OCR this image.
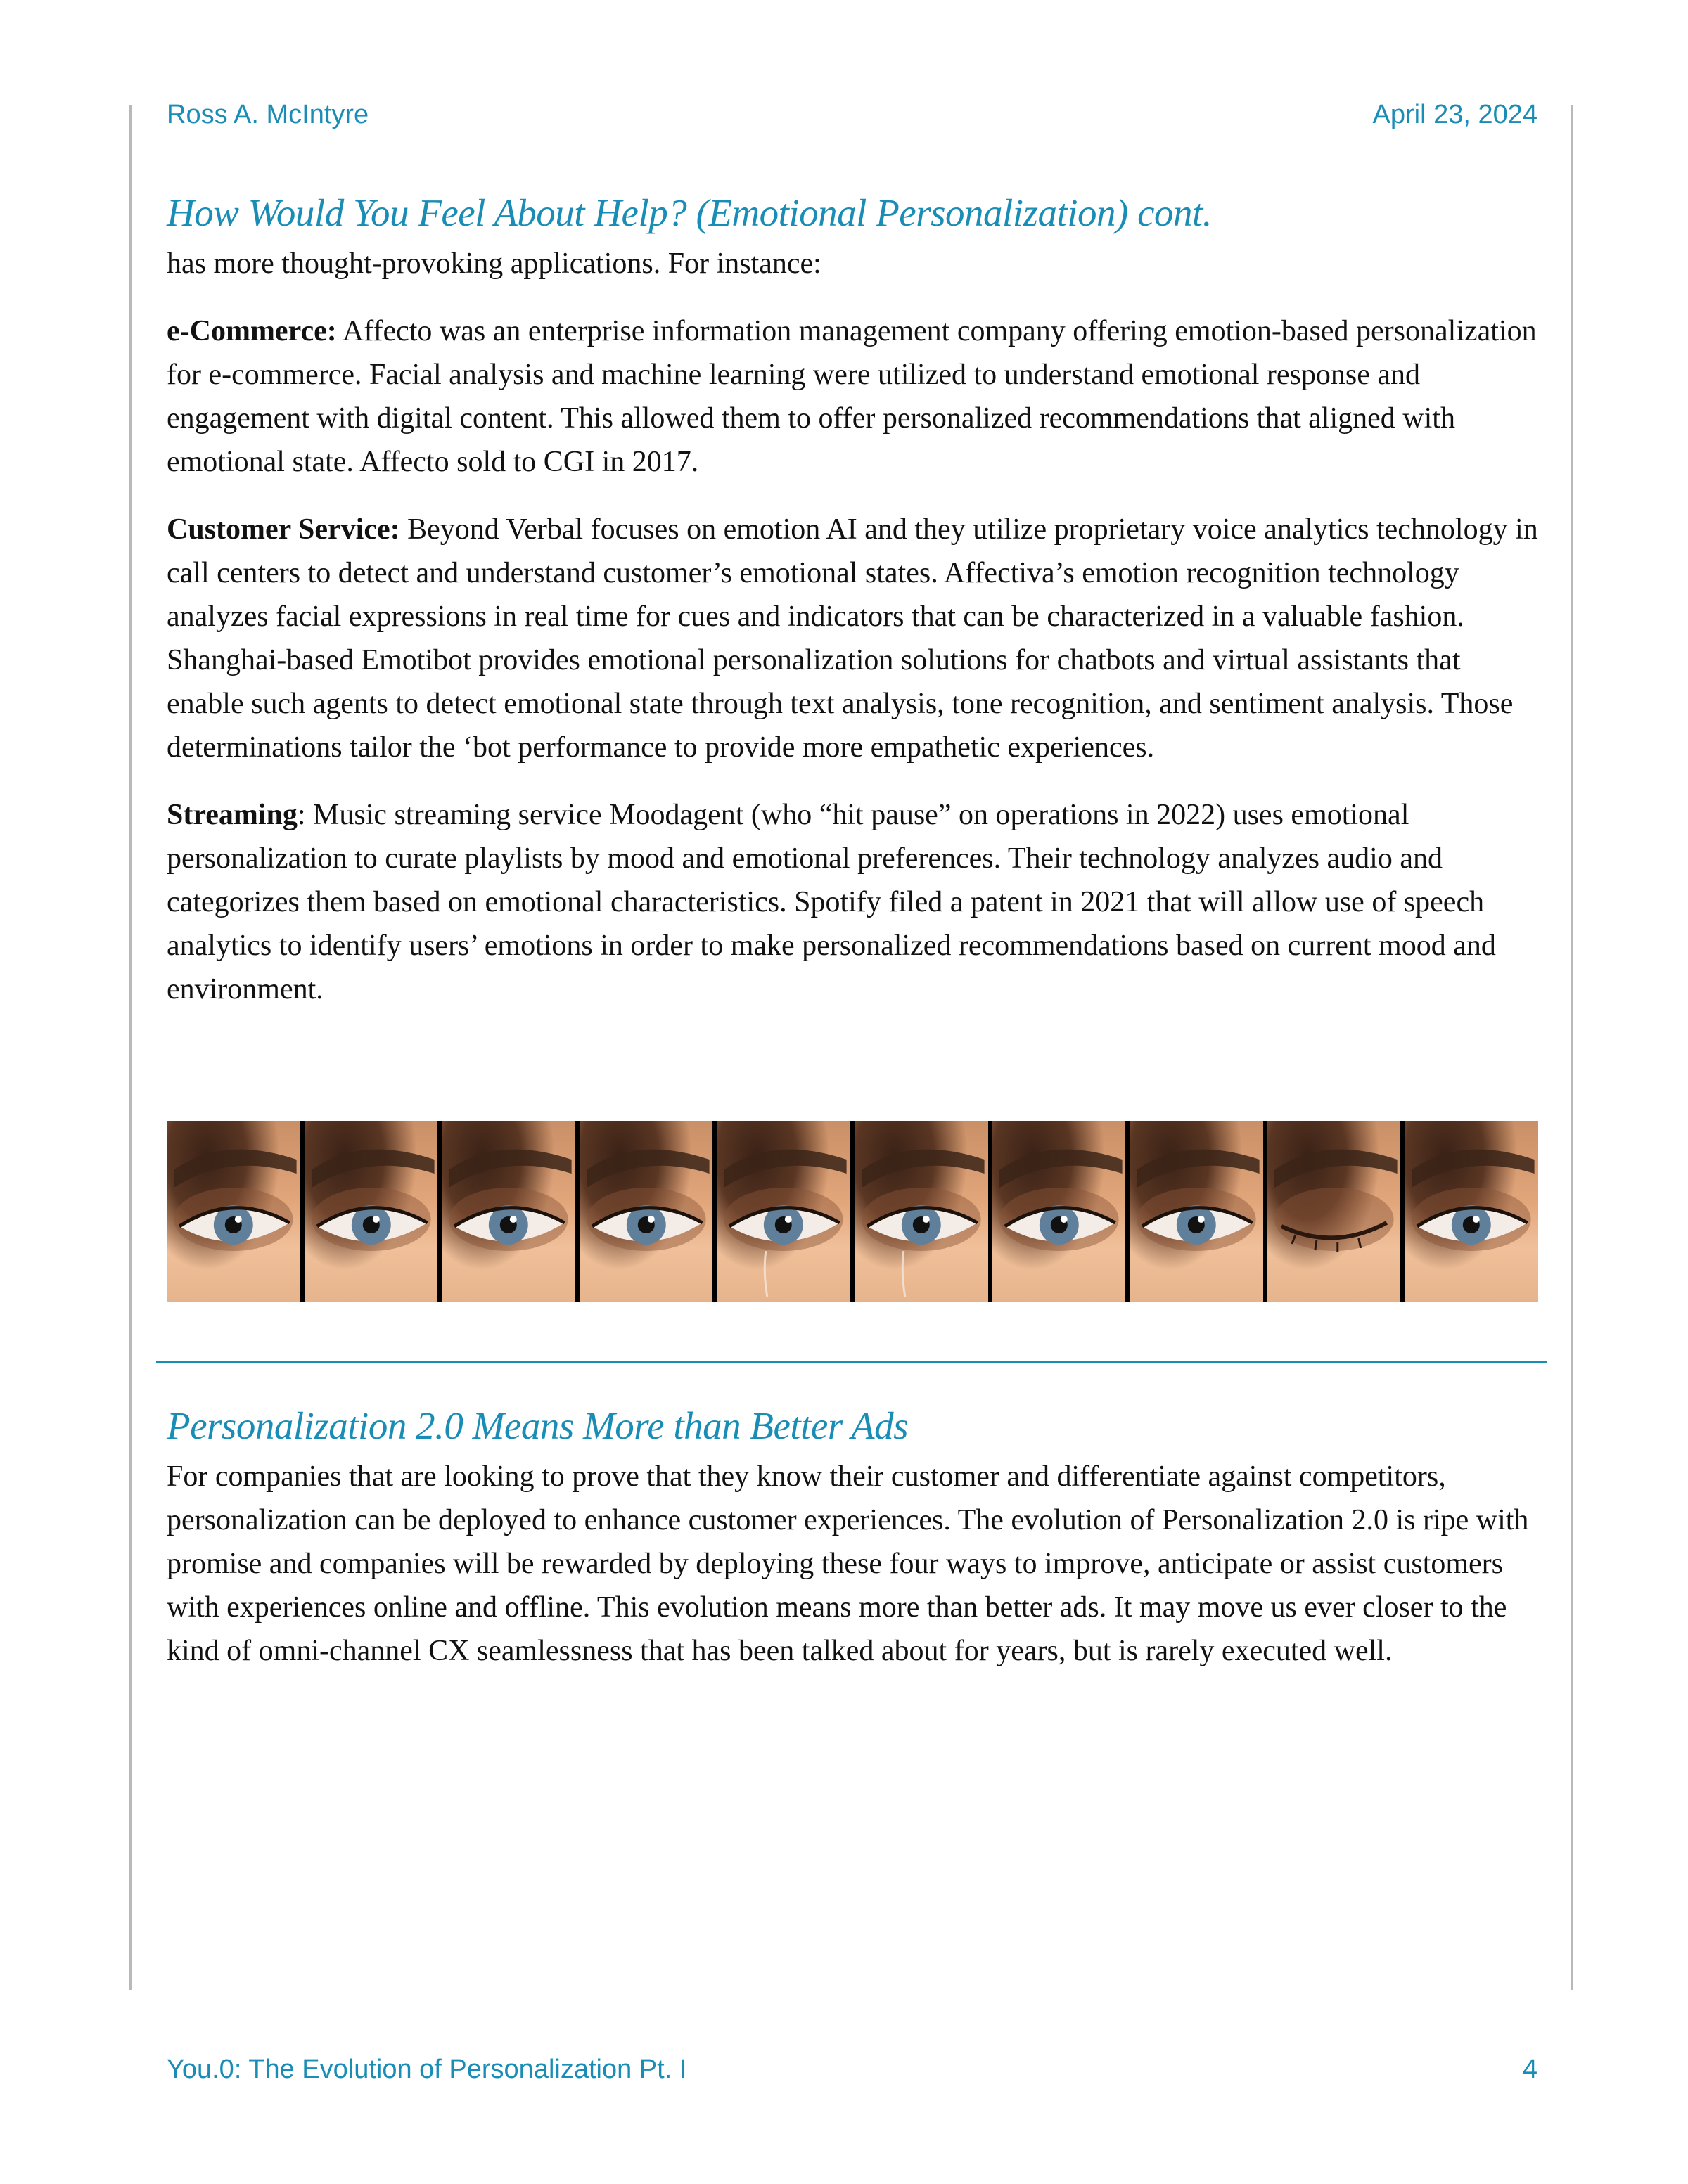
Ross A. McIntyre	April 23, 2024
How Would You Feel About Help? (Emotional Personalization) cont.

has more thought-provoking applications. For instance:

e-Commerce: Affecto was an enterprise information management company offering emotion-based personalization for e-commerce. Facial analysis and machine learning were utilized to understand emotional response and engagement with digital content. This allowed them to offer personalized recommendations that aligned with emotional state. Affecto sold to CGI in 2017.

Customer Service: Beyond Verbal focuses on emotion AI and they utilize proprietary voice analytics technology in call centers to detect and understand customer’s emotional states. Affectiva’s emotion recognition technology analyzes facial expressions in real time for cues and indicators that can be characterized in a valuable fashion. Shanghai-based Emotibot provides emotional personalization solutions for chatbots and virtual assistants that enable such agents to detect emotional state through text analysis, tone recognition, and sentiment analysis. Those determinations tailor the ‘bot performance to provide more empathetic experiences.

Streaming: Music streaming service Moodagent (who “hit pause” on operations in 2022) uses emotional personalization to curate playlists by mood and emotional preferences. Their technology analyzes audio and categorizes them based on emotional characteristics. Spotify filed a patent in 2021 that will allow use of speech analytics to identify users’ emotions in order to make personalized recommendations based on current mood and environment.

Personalization 2.0 Means More than Better Ads

For companies that are looking to prove that they know their customer and differentiate against competitors, personalization can be deployed to enhance customer experiences. The evolution of Personalization 2.0 is ripe with promise and companies will be rewarded by deploying these four ways to improve, anticipate or assist customers with experiences online and offline. This evolution means more than better ads. It may move us ever closer to the kind of omni-channel CX seamlessness that has been talked about for years, but is rarely executed well.

You.0: The Evolution of Personalization Pt. I	4
